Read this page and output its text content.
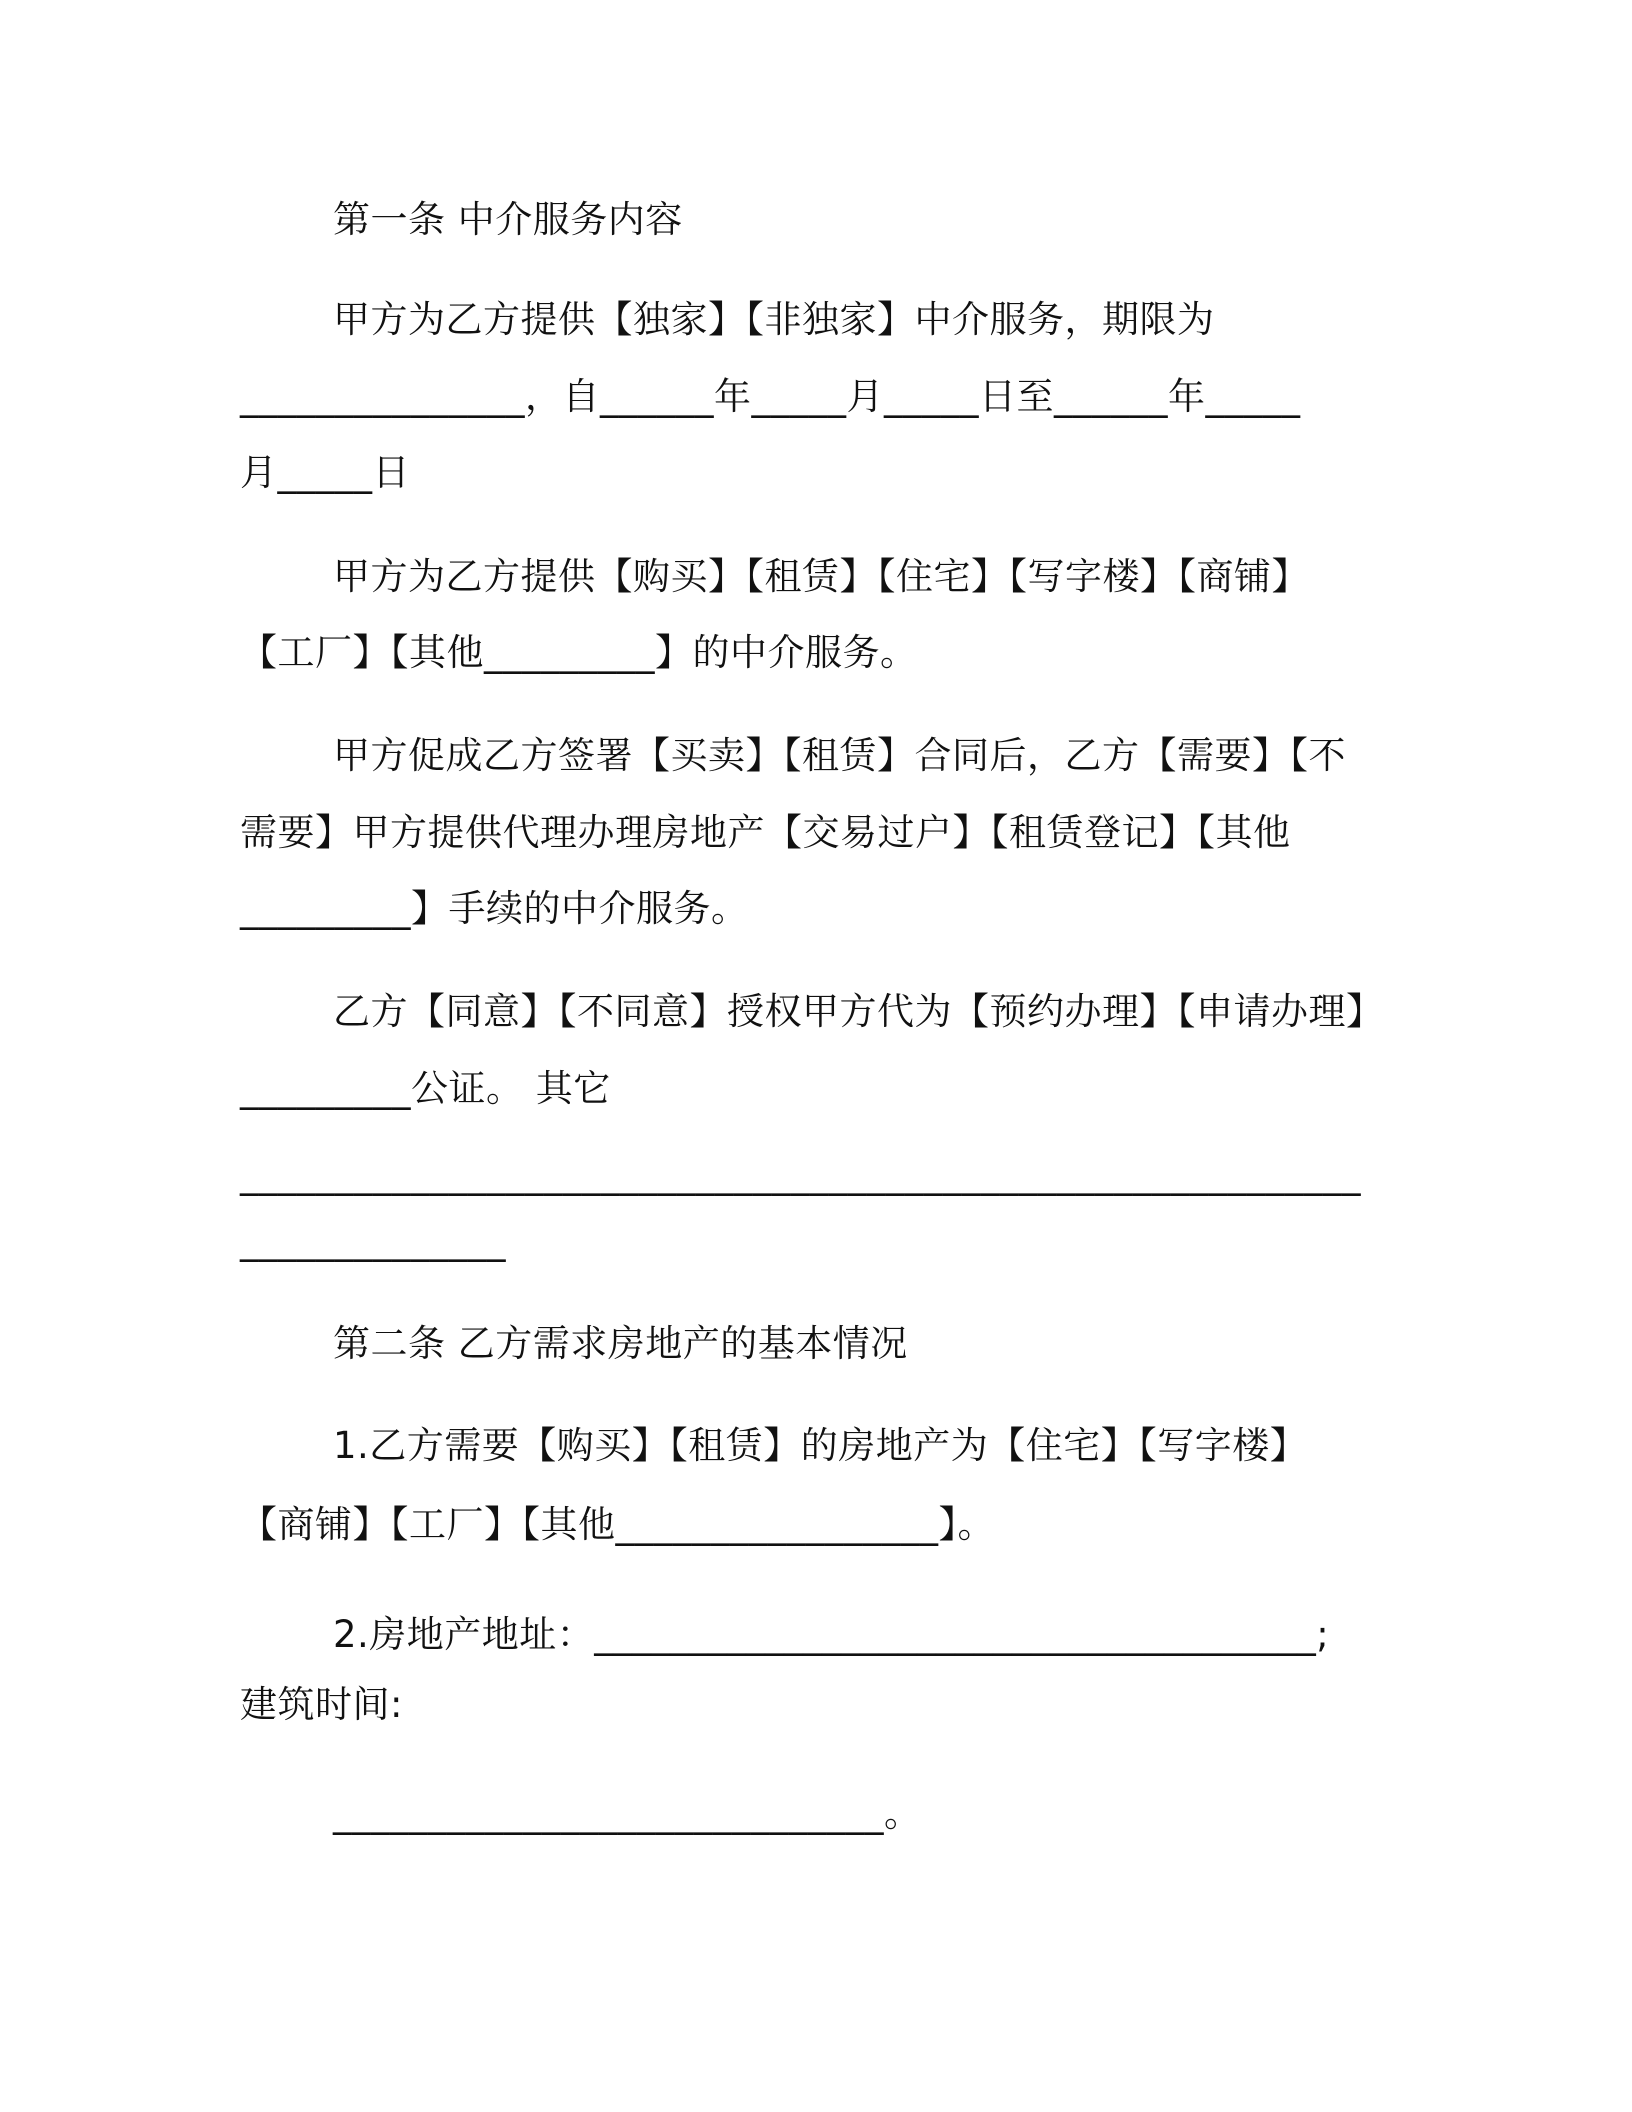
第一条 中介服务内容
甲方为乙方提供【独家】【非独家】中介服务，期限为
_______________，自______年_____月_____日至______年_____
月_____日
甲方为乙方提供【购买】【租赁】【住宅】【写字楼】【商铺】
【工厂】【其他_________】的中介服务。
甲方促成乙方签署【买卖】【租赁】合同后，乙方【需要】【不
需要】甲方提供代理办理房地产【交易过户】【租赁登记】【其他
_________】手续的中介服务。
乙方【同意】【不同意】授权甲方代为【预约办理】【申请办理】
_________公证。 其它
___________________________________________________________
______________
第二条 乙方需求房地产的基本情况
1.乙方需要【购买】【租赁】的房地产为【住宅】【写字楼】
【商铺】【工厂】【其他_________________】。
2.房地产地址：______________________________________;
建筑时间:
_____________________________。
